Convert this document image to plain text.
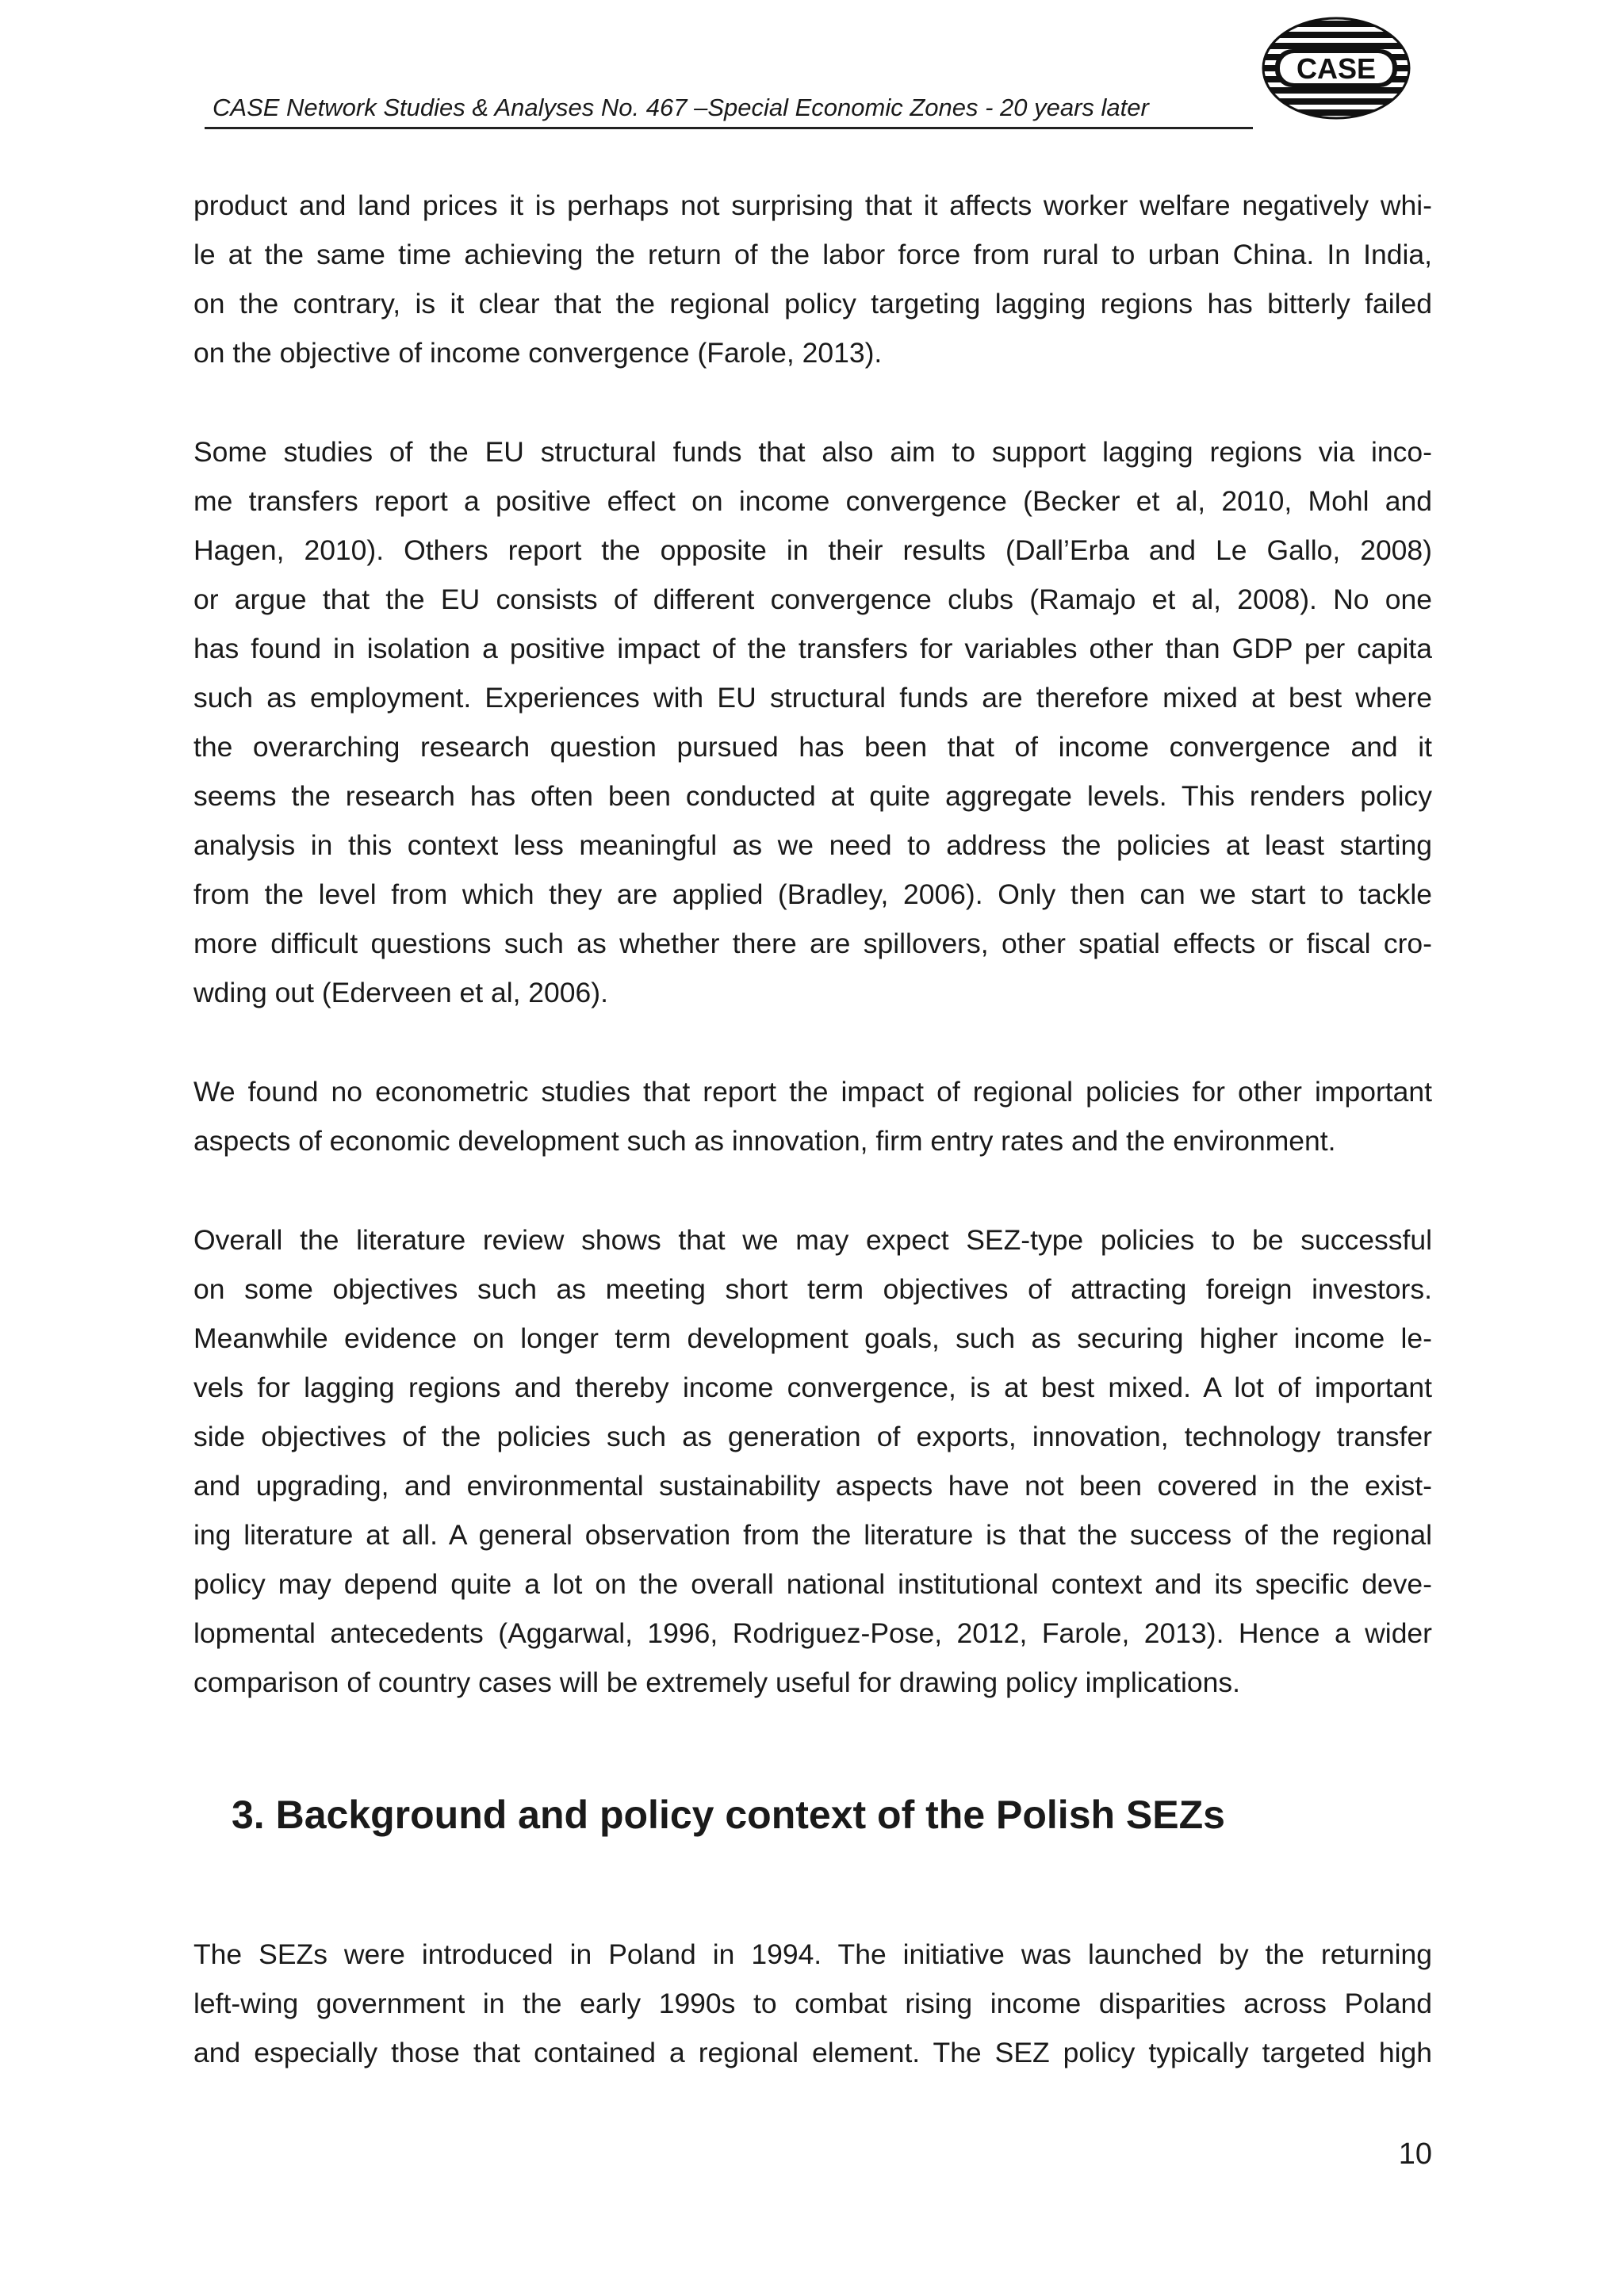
CASE Network Studies & Analyses No. 467 –Special Economic Zones - 20 years later
CASE

product and land prices it is perhaps not surprising that it affects worker welfare negatively whi-
le at the same time achieving the return of the labor force from rural to urban China. In India,
on the contrary, is it clear that the regional policy targeting lagging regions has bitterly failed
on the objective of income convergence (Farole, 2013).

Some studies of the EU structural funds that also aim to support lagging regions via inco-
me transfers report a positive effect on income convergence (Becker et al, 2010, Mohl and
Hagen, 2010). Others report the opposite in their results (Dall’Erba and Le Gallo, 2008)
or argue that the EU consists of different convergence clubs (Ramajo et al, 2008). No one
has found in isolation a positive impact of the transfers for variables other than GDP per capita
such as employment. Experiences with EU structural funds are therefore mixed at best where
the overarching research question pursued has been that of income convergence and it
seems the research has often been conducted at quite aggregate levels. This renders policy
analysis in this context less meaningful as we need to address the policies at least starting
from the level from which they are applied (Bradley, 2006). Only then can we start to tackle
more difficult questions such as whether there are spillovers, other spatial effects or fiscal cro-
wding out (Ederveen et al, 2006).

We found no econometric studies that report the impact of regional policies for other important
aspects of economic development such as innovation, firm entry rates and the environment.

Overall the literature review shows that we may expect SEZ-type policies to be successful
on some objectives such as meeting short term objectives of attracting foreign investors.
Meanwhile evidence on longer term development goals, such as securing higher income le-
vels for lagging regions and thereby income convergence, is at best mixed. A lot of important
side objectives of the policies such as generation of exports, innovation, technology transfer
and upgrading, and environmental sustainability aspects have not been covered in the exist-
ing literature at all. A general observation from the literature is that the success of the regional
policy may depend quite a lot on the overall national institutional context and its specific deve-
lopmental antecedents (Aggarwal, 1996, Rodriguez-Pose, 2012, Farole, 2013). Hence a wider
comparison of country cases will be extremely useful for drawing policy implications.

3. Background and policy context of the Polish SEZs

The SEZs were introduced in Poland in 1994. The initiative was launched by the returning
left-wing government in the early 1990s to combat rising income disparities across Poland
and especially those that contained a regional element. The SEZ policy typically targeted high

10
